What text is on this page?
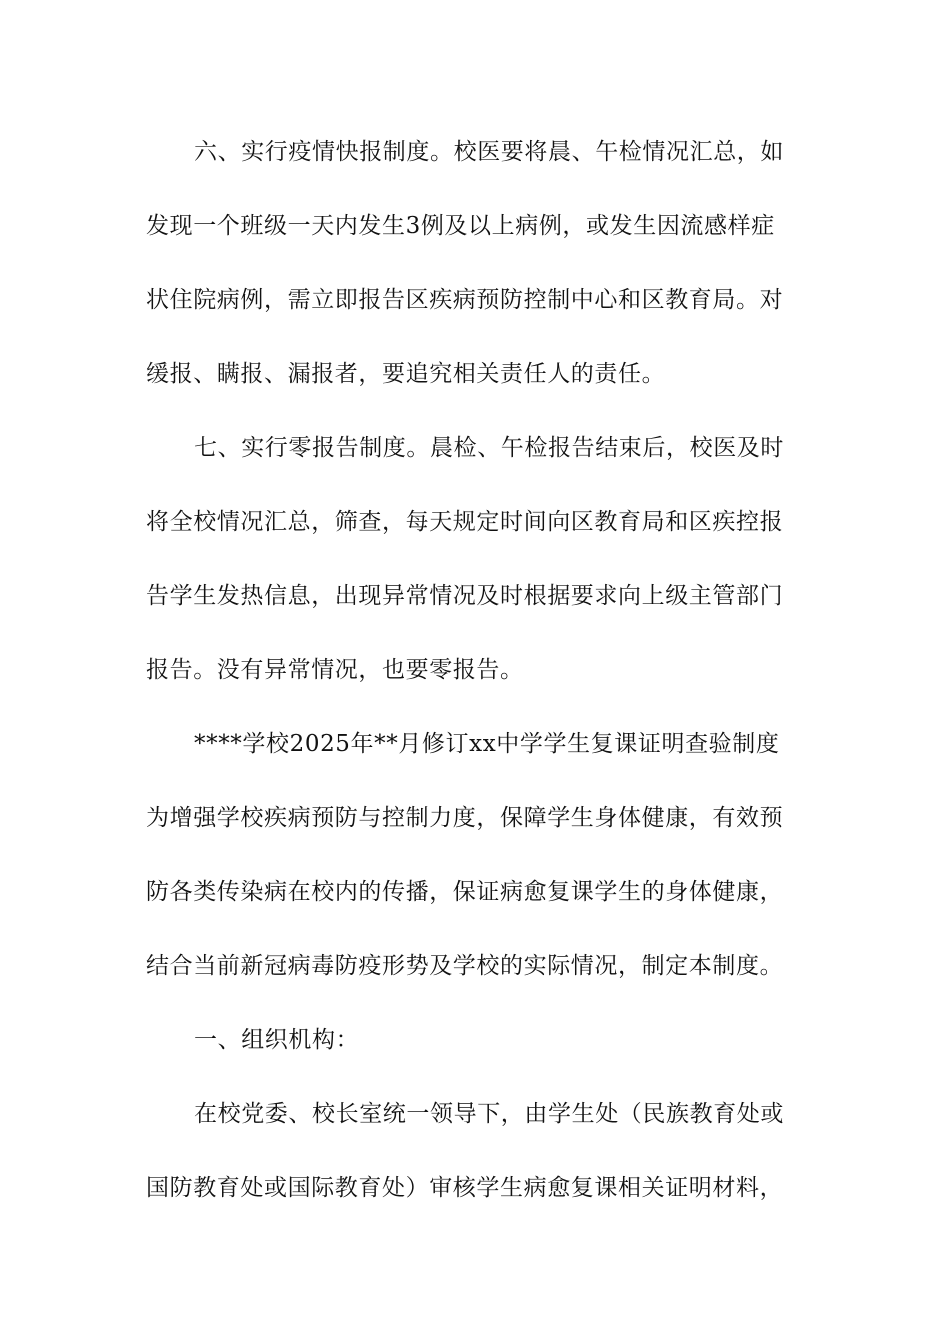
六、实行疫情快报制度。校医要将晨、午检情况汇总，如
发现一个班级一天内发生3例及以上病例，或发生因流感样症
状住院病例，需立即报告区疾病预防控制中心和区教育局。对
缓报、瞒报、漏报者，要追究相关责任人的责任。
七、实行零报告制度。晨检、午检报告结束后，校医及时
将全校情况汇总，筛查，每天规定时间向区教育局和区疾控报
告学生发热信息，出现异常情况及时根据要求向上级主管部门
报告。没有异常情况，也要零报告。
****学校2025年**月修订xx中学学生复课证明查验制度
为增强学校疾病预防与控制力度，保障学生身体健康，有效预
防各类传染病在校内的传播，保证病愈复课学生的身体健康，
结合当前新冠病毒防疫形势及学校的实际情况，制定本制度。
一、组织机构：
在校党委、校长室统一领导下，由学生处（民族教育处或
国防教育处或国际教育处）审核学生病愈复课相关证明材料，
